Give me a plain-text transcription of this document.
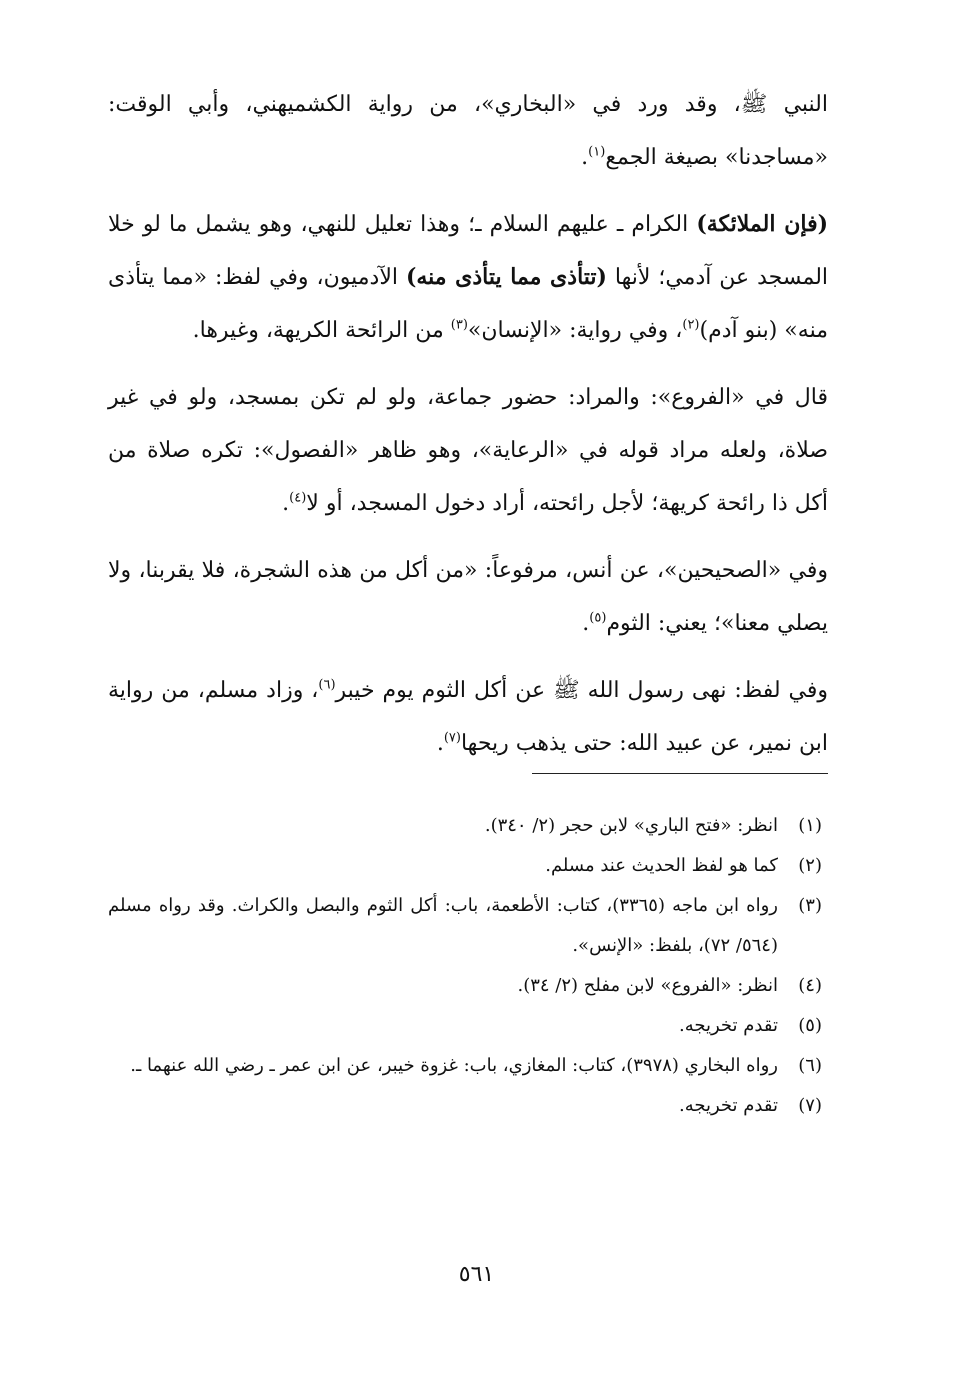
النبي ﷺ، وقد ورد في «البخاري»، من رواية الكشميهني، وأبي الوقت: «مساجدنا» بصيغة الجمع$^{(١)}$.

(فإن الملائكة) الكرام ـ عليهم السلام ـ؛ وهذا تعليل للنهي، وهو يشمل ما لو خلا المسجد عن آدمي؛ لأنها (تتأذى مما يتأذى منه) الآدميون، وفي لفظ: «مما يتأذى منه» (بنو آدم)$^{(٢)}$، وفي رواية: «الإنسان»$^{(٣)}$ من الرائحة الكريهة، وغيرها.

قال في «الفروع»: والمراد: حضور جماعة، ولو لم تكن بمسجد، ولو في غير صلاة، ولعله مراد قوله في «الرعاية»، وهو ظاهر «الفصول»: تكره صلاة من أكل ذا رائحة كريهة؛ لأجل رائحته، أراد دخول المسجد، أو لا$^{(٤)}$.

وفي «الصحيحين»، عن أنس، مرفوعاً: «من أكل من هذه الشجرة، فلا يقربنا، ولا يصلي معنا»؛ يعني: الثوم$^{(٥)}$.

وفي لفظ: نهى رسول الله ﷺ عن أكل الثوم يوم خيبر$^{(٦)}$، وزاد مسلم، من رواية ابن نمير، عن عبيد الله: حتى يذهب ريحها$^{(٧)}$.

(١)
انظر: «فتح الباري» لابن حجر (٢/ ٣٤٠).
(٢)
كما هو لفظ الحديث عند مسلم.
(٣)
رواه ابن ماجه (٣٣٦٥)، كتاب: الأطعمة، باب: أكل الثوم والبصل والكراث. وقد رواه مسلم (٥٦٤/ ٧٢)، بلفظ: «الإنس».
(٤)
انظر: «الفروع» لابن مفلح (٢/ ٣٤).
(٥)
تقدم تخريجه.
(٦)
رواه البخاري (٣٩٧٨)، كتاب: المغازي، باب: غزوة خيبر، عن ابن عمر ـ رضي الله عنهما ـ.
(٧)
تقدم تخريجه.
٥٦١
